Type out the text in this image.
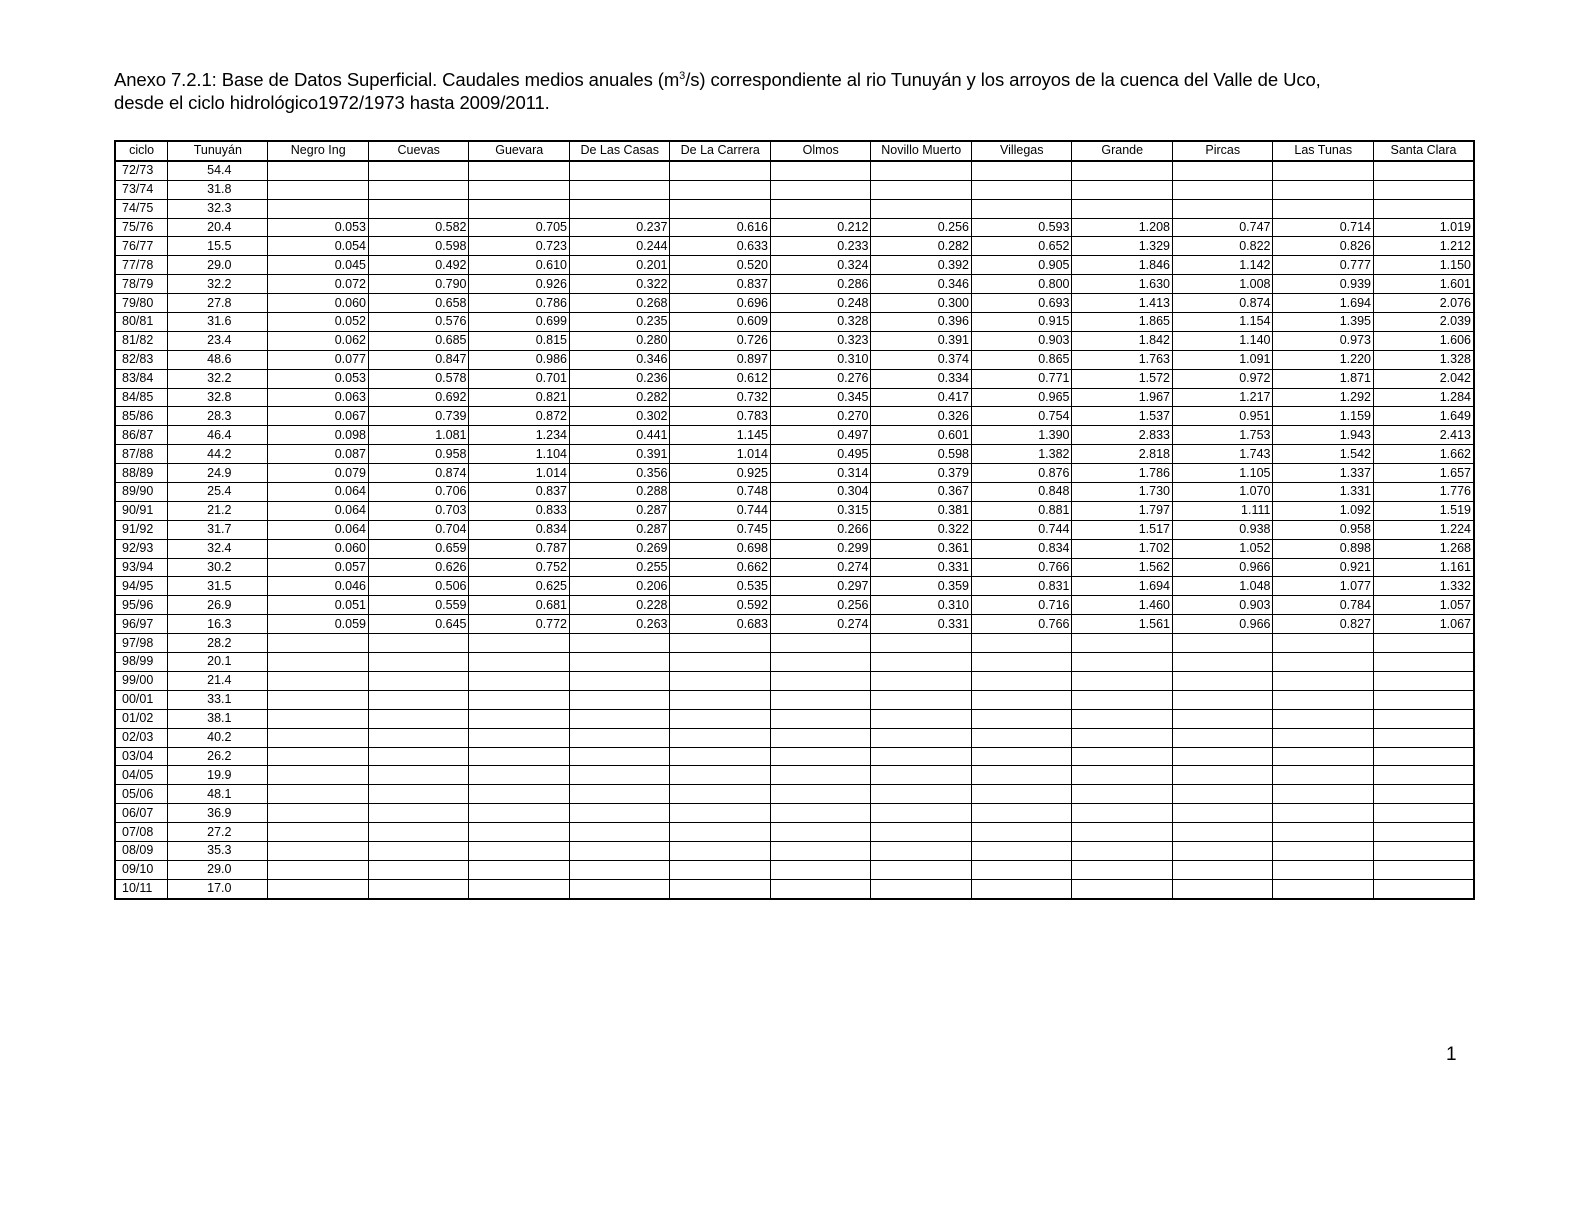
Anexo 7.2.1: Base de Datos Superficial. Caudales medios anuales $(m^3/s)$ correspondiente al rio Tunuyán y los arroyos de la cuenca del Valle de Uco,
desde el ciclo hidrológico1972/1973 hasta 2009/2011.
ciclo	Tunuyán	Negro Ing	Cuevas	Guevara	De Las Casas	De La Carrera	Olmos	Novillo Muerto	Villegas	Grande	Pircas	Las Tunas	Santa Clara
72/73	54.4												
73/74	31.8												
74/75	32.3												
75/76	20.4	0.053	0.582	0.705	0.237	0.616	0.212	0.256	0.593	1.208	0.747	0.714	1.019
76/77	15.5	0.054	0.598	0.723	0.244	0.633	0.233	0.282	0.652	1.329	0.822	0.826	1.212
77/78	29.0	0.045	0.492	0.610	0.201	0.520	0.324	0.392	0.905	1.846	1.142	0.777	1.150
78/79	32.2	0.072	0.790	0.926	0.322	0.837	0.286	0.346	0.800	1.630	1.008	0.939	1.601
79/80	27.8	0.060	0.658	0.786	0.268	0.696	0.248	0.300	0.693	1.413	0.874	1.694	2.076
80/81	31.6	0.052	0.576	0.699	0.235	0.609	0.328	0.396	0.915	1.865	1.154	1.395	2.039
81/82	23.4	0.062	0.685	0.815	0.280	0.726	0.323	0.391	0.903	1.842	1.140	0.973	1.606
82/83	48.6	0.077	0.847	0.986	0.346	0.897	0.310	0.374	0.865	1.763	1.091	1.220	1.328
83/84	32.2	0.053	0.578	0.701	0.236	0.612	0.276	0.334	0.771	1.572	0.972	1.871	2.042
84/85	32.8	0.063	0.692	0.821	0.282	0.732	0.345	0.417	0.965	1.967	1.217	1.292	1.284
85/86	28.3	0.067	0.739	0.872	0.302	0.783	0.270	0.326	0.754	1.537	0.951	1.159	1.649
86/87	46.4	0.098	1.081	1.234	0.441	1.145	0.497	0.601	1.390	2.833	1.753	1.943	2.413
87/88	44.2	0.087	0.958	1.104	0.391	1.014	0.495	0.598	1.382	2.818	1.743	1.542	1.662
88/89	24.9	0.079	0.874	1.014	0.356	0.925	0.314	0.379	0.876	1.786	1.105	1.337	1.657
89/90	25.4	0.064	0.706	0.837	0.288	0.748	0.304	0.367	0.848	1.730	1.070	1.331	1.776
90/91	21.2	0.064	0.703	0.833	0.287	0.744	0.315	0.381	0.881	1.797	1.111	1.092	1.519
91/92	31.7	0.064	0.704	0.834	0.287	0.745	0.266	0.322	0.744	1.517	0.938	0.958	1.224
92/93	32.4	0.060	0.659	0.787	0.269	0.698	0.299	0.361	0.834	1.702	1.052	0.898	1.268
93/94	30.2	0.057	0.626	0.752	0.255	0.662	0.274	0.331	0.766	1.562	0.966	0.921	1.161
94/95	31.5	0.046	0.506	0.625	0.206	0.535	0.297	0.359	0.831	1.694	1.048	1.077	1.332
95/96	26.9	0.051	0.559	0.681	0.228	0.592	0.256	0.310	0.716	1.460	0.903	0.784	1.057
96/97	16.3	0.059	0.645	0.772	0.263	0.683	0.274	0.331	0.766	1.561	0.966	0.827	1.067
97/98	28.2												
98/99	20.1												
99/00	21.4												
00/01	33.1												
01/02	38.1												
02/03	40.2												
03/04	26.2												
04/05	19.9												
05/06	48.1												
06/07	36.9												
07/08	27.2												
08/09	35.3												
09/10	29.0												
10/11	17.0												
1
